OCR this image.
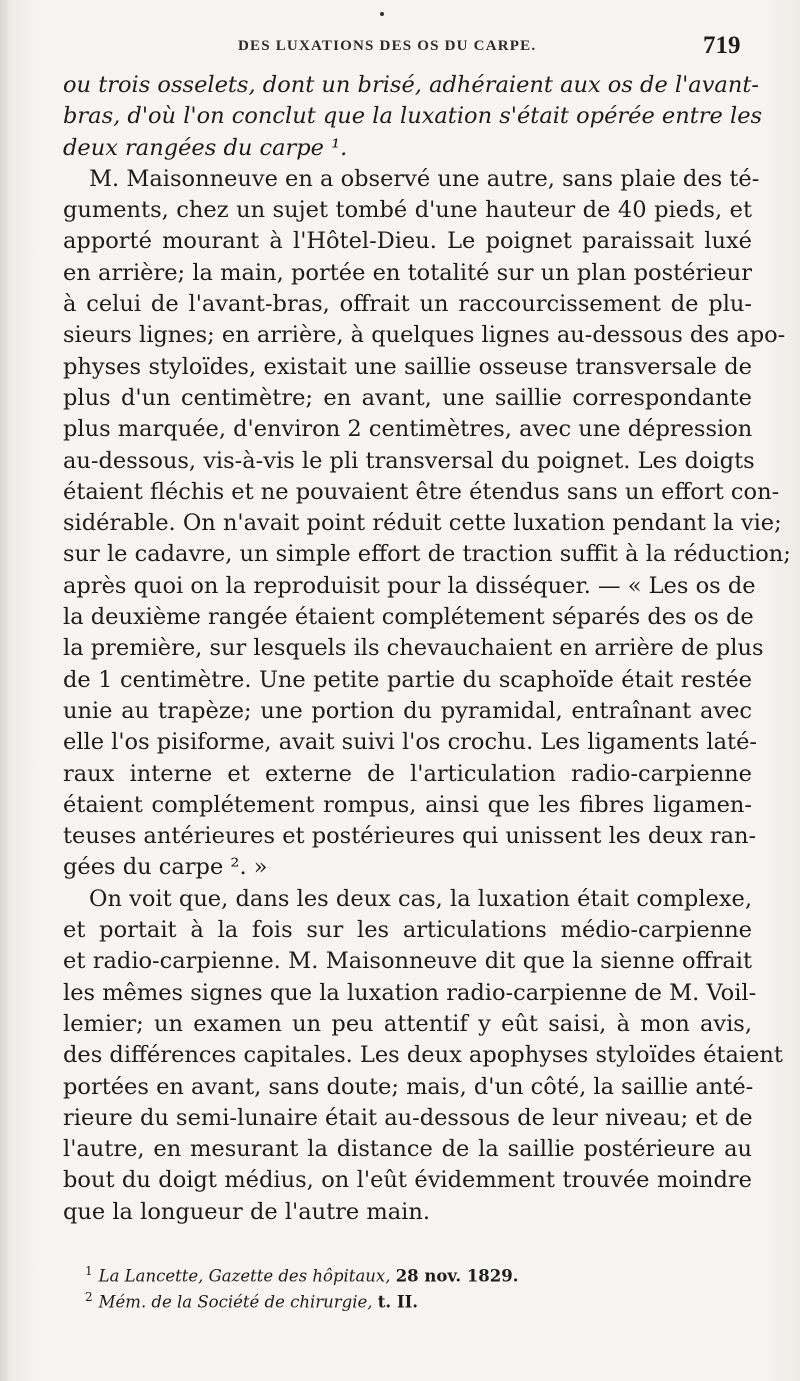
DES LUXATIONS DES OS DU CARPE.	719
ou trois osselets, dont un brisé, adhéraient aux os de l'avant-
bras, d'où l'on conclut que la luxation s'était opérée entre les
deux rangées du carpe ¹.
M. Maisonneuve en a observé une autre, sans plaie des té-
guments, chez un sujet tombé d'une hauteur de 40 pieds, et
apporté mourant à l'Hôtel-Dieu. Le poignet paraissait luxé
en arrière; la main, portée en totalité sur un plan postérieur
à celui de l'avant-bras, offrait un raccourcissement de plu-
sieurs lignes; en arrière, à quelques lignes au-dessous des apo-
physes styloïdes, existait une saillie osseuse transversale de
plus d'un centimètre; en avant, une saillie correspondante
plus marquée, d'environ 2 centimètres, avec une dépression
au-dessous, vis-à-vis le pli transversal du poignet. Les doigts
étaient fléchis et ne pouvaient être étendus sans un effort con-
sidérable. On n'avait point réduit cette luxation pendant la vie;
sur le cadavre, un simple effort de traction suffit à la réduction;
après quoi on la reproduisit pour la disséquer. — « Les os de
la deuxième rangée étaient complétement séparés des os de
la première, sur lesquels ils chevauchaient en arrière de plus
de 1 centimètre. Une petite partie du scaphoïde était restée
unie au trapèze; une portion du pyramidal, entraînant avec
elle l'os pisiforme, avait suivi l'os crochu. Les ligaments laté-
raux interne et externe de l'articulation radio-carpienne
étaient complétement rompus, ainsi que les fibres ligamen-
teuses antérieures et postérieures qui unissent les deux ran-
gées du carpe ². »
On voit que, dans les deux cas, la luxation était complexe,
et portait à la fois sur les articulations médio-carpienne
et radio-carpienne. M. Maisonneuve dit que la sienne offrait
les mêmes signes que la luxation radio-carpienne de M. Voil-
lemier; un examen un peu attentif y eût saisi, à mon avis,
des différences capitales. Les deux apophyses styloïdes étaient
portées en avant, sans doute; mais, d'un côté, la saillie anté-
rieure du semi-lunaire était au-dessous de leur niveau; et de
l'autre, en mesurant la distance de la saillie postérieure au
bout du doigt médius, on l'eût évidemment trouvée moindre
que la longueur de l'autre main.
$^1$ La Lancette, Gazette des hôpitaux, 28 nov. 1829.
$^2$ Mém. de la Société de chirurgie, t. II.
